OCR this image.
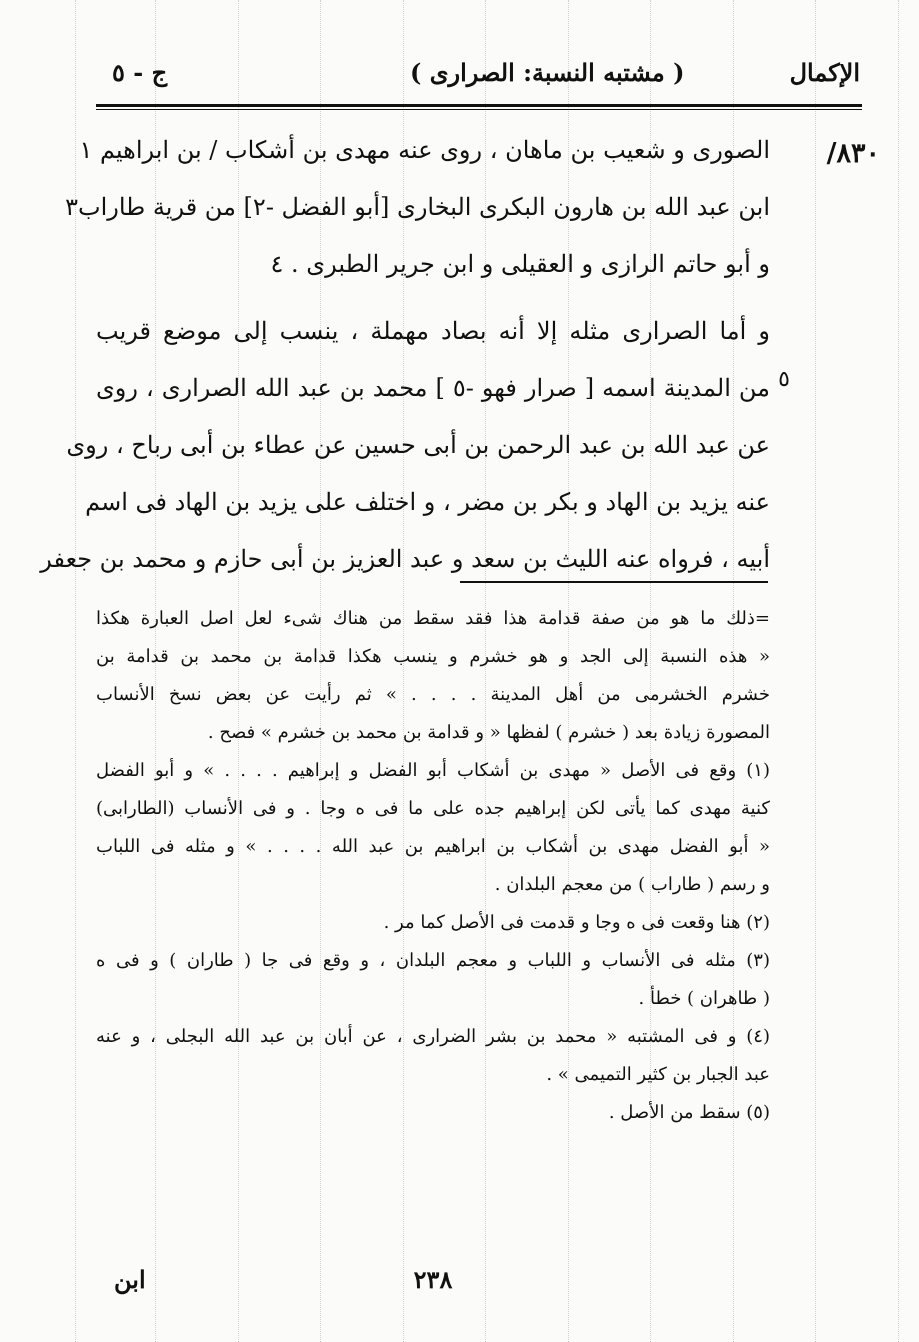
الإكمال
( مشتبه النسبة: الصرارى )
ج - ٥
/٨٣٠
٥

الصورى و شعيب بن ماهان ، روى عنه مهدى بن أشكاب / بن ابراهيم ١

ابن عبد الله بن هارون البكرى البخارى [أبو الفضل -٢] من قرية طاراب٣

و أبو حاتم الرازى و العقيلى و ابن جرير الطبرى . ٤

و أما الصرارى مثله إلا أنه بصاد مهملة ، ينسب إلى موضع قريب

من المدينة اسمه [ صرار فهو -٥ ] محمد بن عبد الله الصرارى ، روى

عن عبد الله بن عبد الرحمن بن أبى حسين عن عطاء بن أبى رباح ، روى

عنه يزيد بن الهاد و بكر بن مضر ، و اختلف على يزيد بن الهاد فى اسم

أبيه ، فرواه عنه الليث بن سعد و عبد العزيز بن أبى حازم و محمد بن جعفر

=ذلك ما هو من صفة قدامة هذا فقد سقط من هناك شىء لعل اصل العبارة هكذا

« هذه النسبة إلى الجد و هو خشرم و ينسب هكذا قدامة بن محمد بن قدامة بن

خشرم الخشرمى من أهل المدينة . . . . » ثم رأيت عن بعض نسخ الأنساب

المصورة زيادة بعد ( خشرم ) لفظها « و قدامة بن محمد بن خشرم » فصح .

(١) وقع فى الأصل « مهدى بن أشكاب أبو الفضل و إبراهيم . . . . » و أبو الفضل

كنية مهدى كما يأتى لكن إبراهيم جده على ما فى ه وجا . و فى الأنساب (الطارابى)

« أبو الفضل مهدى بن أشكاب بن ابراهيم بن عبد الله . . . . » و مثله فى اللباب

و رسم ( طاراب ) من معجم البلدان .

(٢) هنا وقعت فى ه وجا و قدمت فى الأصل كما مر .

(٣) مثله فى الأنساب و اللباب و معجم البلدان ، و وقع فى جا ( طاران ) و فى ه

( طاهران ) خطأ .

(٤) و فى المشتبه « محمد بن بشر الضرارى ، عن أبان بن عبد الله البجلى ، و عنه

عبد الجبار بن كثير التميمى » .

(٥) سقط من الأصل .

٢٣٨
ابن
